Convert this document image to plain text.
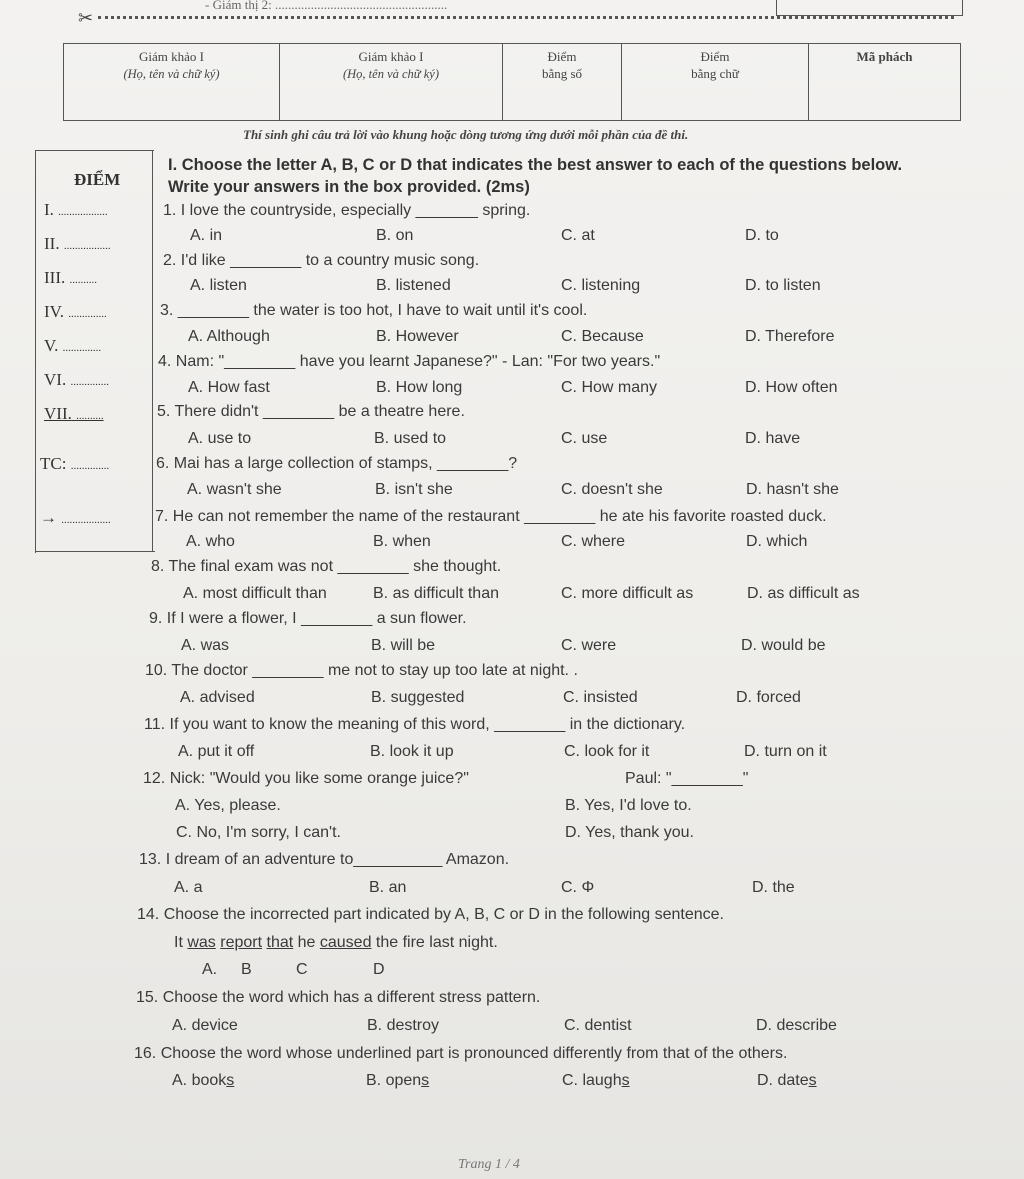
- Giám thị 2: .....................................................
✂
Giám khảo I
(Họ, tên và chữ ký)

Giám khảo I
(Họ, tên và chữ ký)

Điểm
bằng số

Điểm
bằng chữ

Mã phách
Thí sinh ghi câu trả lời vào khung hoặc dòng tương ứng dưới mỗi phần của đề thi.
ĐIỂM
I. ..................
II. .................
III. ..........
IV. ..............
V. ..............
VI. ..............
VII. ..........
TC: ..............
→ ..................
I. Choose the letter A, B, C or D that indicates the best answer to each of the questions below.
Write your answers in the box provided. (2ms)
1. I love the countryside, especially _______ spring.
A. in	B. on	C. at	D. to
2. I'd like ________ to a country music song.
A. listen	B. listened	C. listening	D. to listen
3. ________ the water is too hot, I have to wait until it's cool.
A. Although	B. However	C. Because	D. Therefore
4. Nam: "________ have you learnt Japanese?" - Lan: "For two years."
A. How fast	B. How long	C. How many	D. How often
5. There didn't ________ be a theatre here.
A. use to	B. used to	C. use	D. have
6. Mai has a large collection of stamps, ________?
A. wasn't she	B. isn't she	C. doesn't she	D. hasn't she
7. He can not remember the name of the restaurant ________ he ate his favorite roasted duck.
A. who	B. when	C. where	D. which
8. The final exam was not ________ she thought.
A. most difficult than	B. as difficult than	C. more difficult as	D. as difficult as
9. If I were a flower, I ________ a sun flower.
A. was	B. will be	C. were	D. would be
10. The doctor ________ me not to stay up too late at night. .
A. advised	B. suggested	C. insisted	D. forced
11. If you want to know the meaning of this word, ________ in the dictionary.
A. put it off	B. look it up	C. look for it	D. turn on it
12. Nick: "Would you like some orange juice?"	Paul: "________"
A. Yes, please.	B. Yes, I'd love to.
C. No, I'm sorry, I can't.	D. Yes, thank you.
13. I dream of an adventure to__________ Amazon.
A. a	B. an	C. Φ	D. the
14. Choose the incorrected part indicated by A, B, C or D in the following sentence.
It was report that he caused the fire last night.
A. B	C	D
15. Choose the word which has a different stress pattern.
A. device	B. destroy	C. dentist	D. describe
16. Choose the word whose underlined part is pronounced differently from that of the others.
A. books	B. opens	C. laughs	D. dates
Trang 1 / 4
